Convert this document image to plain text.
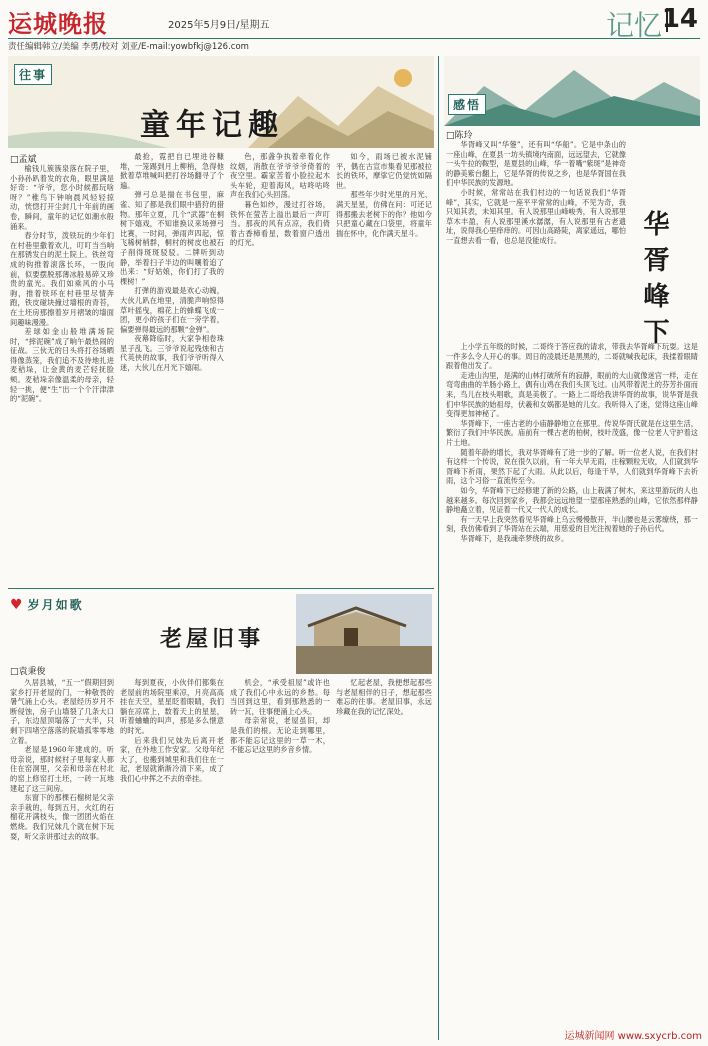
运城晚报	2025年5月9日/星期五	记忆 14
责任编辑韩立/美编 李勇/校对 刘亚/E-mail:yowbfkj@126.com
往事
童年记趣
□孟斌

榆钱儿簇簇泉落在院子里，小孙孙趴着发的衣角，眼里满是好奇：“爷爷，您小时候都玩啥呀？”稚鸟下钟响晨风轻轻掠动，恍惚打开尘封几十年前的画卷，瞬间，童年的记忆如潮水般涌来。

春分时节，泼铁玩的少年们在村巷里撒着欢儿，叮叮当当响在那锈发白的泥土院上。铁丝弯成的钩推着滚落长环，一股向前，似要摆脱那薄冰般易碎又珍贵的童光。我们如乘风的小马驹，推着铁环在村巷里尽情奔跑，铁皮碰块撞过墙根的青苔，在土坯房那擦着岁月褶皱的墙面间趣味漫漫。

差球如金山般堆满场院时，“摔泥碗”成了晌午最热闹的征战。三伙无的日头将打谷场晒得像蒸笼，我们追不及待地扎进麦秸垛，让金黄的麦芒轻抚脸颊。麦秸垛亲像温柔的母亲，轻轻一挑，便“生”出一个个汗津津的“泥碗”。

最抢，霓把自已埋进谷糠堆，一笼踢到月上柳梢，急得他掀着草堆喊叫把打谷场翻寻了个遍。

弹弓总是揣在书包里，麻雀、知了都是我们眼中猎狩的猎物。那年立夏，几个“武器”在桐树下嬉戏，不知谁换议来场弹弓比赛，一时间，弹雨声四起，惊飞稀树梢群，桐村的树皮也被石子削得斑斑驳驳。二牌听到动静，举着扫子半边的叫嚷着追了出来：“好姑娘，你们打了我的棵树！”

打弹的游戏最是欢心动魄，大伙儿趴在地里，清脆声响惊得草叶摇曳，棉花上的蜂蝶飞成一团，更小的孩子们在一旁学着，偏要弹得最远的那颗“金弹”。

夜幕降临时，大家争相卷珠星子乱飞。三爷爷说起残烛和古代英侠的故事，我们爷爷听得入迷，大伙儿在月光下嬉闹。

色，那盏争执着牵着化作纹烟，消散在爷爷爷爷倚着的夜空里。霸家苦着小脸拉起木头车轮，迎着海风，咕咚咕咚声在我们心头回荡。

暮色如纱，漫过打谷场，铁怀在萤苦上溢出最后一声叮当。那夜的风有点凉，我们倚着古香樟看星，数着窗户透出的灯光。

如今，雨场已被水泥铺平，偶在古宣市集看见那被拉长的铁环，摩挲它仍觉恍如隔世。

那些年少时光里的月光、满天星星，仿佛在问：可还记得那搬去老树下的你？他如今只把童心藏在口袋里，将童年揣在怀中，化作满天星斗。

♥ 岁月如歌
老屋旧事
□袁秉俊

久居县城，“五一”假期回到家乡打开老屋的门，一种敬畏的暑气涌上心头。老屋经历岁月不断侵蚀，房子山墙裂了几条大口子，东边屋顶塌落了一大半，只剩下四堵空落落的院墙孤零零地立着。

老屋是1960年建成的。听母亲说，那时候村子里每家人都住在窑洞里，父亲和母亲在村北的窑上修窑打土坯，一砖一瓦地建起了这三间房。

东窗下的那棵石榴树是父亲亲手栽的，每到五月，火红的石榴花开满枝头，像一团团火焰在燃烧。我们兄妹几个就在树下玩耍，听父亲讲那过去的故事。

每到夏夜，小伙伴们都集在老屋前的场院里乘凉，月亮高高挂在天空，星星眨着眼睛，我们躺在凉席上，数着天上的星星，听着蛐蛐的叫声，那是多么惬意的时光。

后来我们兄妹先后离开老家，在外地工作安家。父母年纪大了，也搬到城里和我们住在一起，老屋就渐渐冷清下来，成了我们心中挥之不去的牵挂。

机会，“承受祖屋”或许也成了我们心中永远的乡愁。每当回到这里，看到那熟悉的一砖一瓦，往事便涌上心头。

母亲常说，老屋虽旧，却是我们的根。无论走到哪里，都不能忘记这里的一草一木，不能忘记这里的乡音乡情。

忆起老屋，我便想起那些与老屋相伴的日子，想起那些难忘的往事。老屋旧事，永远珍藏在我的记忆深处。

感悟
□陈玲
华胥峰下

华胥峰又叫“华蓥”，还有叫“华船”。它是中条山的一座山峰，在夏县一坊头镇境内南面，远远望去，它就像一头牛拉的鞍型，是夏县的山峰，华一着嘴“紫斑”是神奇的静美紫台翻上，它是华胥的传说之乡，也是华胥国在我们中华民族的发源地。

小时候，常常站在我们村边的一句话说我们“华胥峰”，其实，它就是一座平平常常的山峰，不见为奇，我只知其表，未知其里。有人说那里山峰峻秀，有人说那里草木丰盈，有人说那里溪水潺潺，有人说那里有古老遗址，说得我心里痒痒的。可因山高路陡，离家遥远，哪怕一直想去看一看，也总是没能成行。

上小学五年级的时候，二哥终于答应我的请求，带我去华胥峰下玩耍。这是一件多么令人开心的事。周日的凌晨还是黑黑的，二哥就喊我起床，我揉着眼睛跟着他出发了。

走进山沟里，是满的山林打破所有的寂静，眼前的大山就像迷宫一样，走在弯弯曲曲的羊肠小路上，偶有山鸡在我们头顶飞过。山风带着泥土的芬芳扑面而来，鸟儿在枝头唱歌，真是美极了。一路上二哥给我讲华胥的故事，说华胥是我们中华民族的始祖母，伏羲和女娲都是她的儿女。我听得入了迷，觉得这座山峰变得更加神秘了。

华胥峰下，一座古老的小庙静静地立在那里。传说华胥氏就是在这里生活，繁衍了我们中华民族。庙前有一棵古老的柏树，枝叶茂盛，像一位老人守护着这片土地。

随着年龄的增长，我对华胥峰有了进一步的了解。听一位老人说，在我们村有这样一个传说，说在很久以前，有一年大旱无雨，庄稼颗粒无收，人们就到华胥峰下祈雨，果然下起了大雨。从此以后，每逢干旱，人们就到华胥峰下去祈雨，这个习俗一直流传至今。

如今，华胥峰下已经修建了新的公路，山上栽满了树木，来这里游玩的人也越来越多。每次回到家乡，我都会远远地望一望那座熟悉的山峰，它依然那样静静地矗立着，见证着一代又一代人的成长。

有一天早上我突然看见华胥峰上乌云慢慢散开，半山腰也是云雾缭绕，那一刻，我仿佛看到了华胥站在云端，用慈爱的目光注视着她的子孙后代。

华胥峰下，是我魂牵梦绕的故乡。

运城新闻网 www.sxycrb.com
